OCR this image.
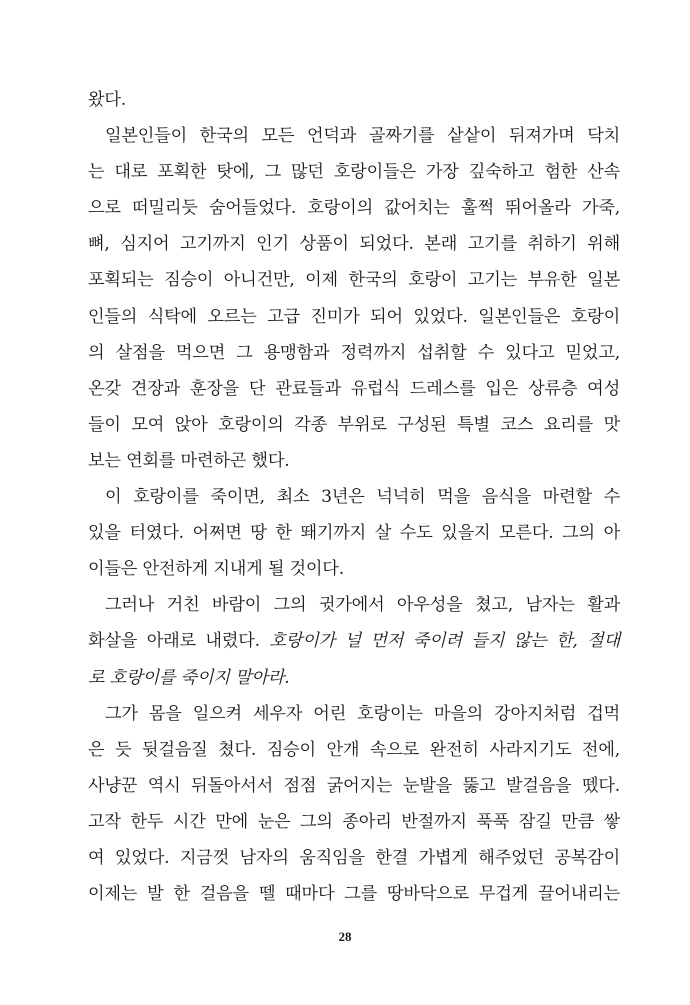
왔다.
일본인들이 한국의 모든 언덕과 골짜기를 샅샅이 뒤져가며 닥치
는 대로 포획한 탓에, 그 많던 호랑이들은 가장 깊숙하고 험한 산속
으로 떠밀리듯 숨어들었다. 호랑이의 값어치는 훌쩍 뛰어올라 가죽,
뼈, 심지어 고기까지 인기 상품이 되었다. 본래 고기를 취하기 위해
포획되는 짐승이 아니건만, 이제 한국의 호랑이 고기는 부유한 일본
인들의 식탁에 오르는 고급 진미가 되어 있었다. 일본인들은 호랑이
의 살점을 먹으면 그 용맹함과 정력까지 섭취할 수 있다고 믿었고,
온갖 견장과 훈장을 단 관료들과 유럽식 드레스를 입은 상류층 여성
들이 모여 앉아 호랑이의 각종 부위로 구성된 특별 코스 요리를 맛
보는 연회를 마련하곤 했다.
이 호랑이를 죽이면, 최소 3년은 넉넉히 먹을 음식을 마련할 수
있을 터였다. 어쩌면 땅 한 뙈기까지 살 수도 있을지 모른다. 그의 아
이들은 안전하게 지내게 될 것이다.
그러나 거친 바람이 그의 귓가에서 아우성을 쳤고, 남자는 활과
화살을 아래로 내렸다. 호랑이가 널 먼저 죽이려 들지 않는 한, 절대
로 호랑이를 죽이지 말아라.
그가 몸을 일으켜 세우자 어린 호랑이는 마을의 강아지처럼 겁먹
은 듯 뒷걸음질 쳤다. 짐승이 안개 속으로 완전히 사라지기도 전에,
사냥꾼 역시 뒤돌아서서 점점 굵어지는 눈발을 뚫고 발걸음을 뗐다.
고작 한두 시간 만에 눈은 그의 종아리 반절까지 푹푹 잠길 만큼 쌓
여 있었다. 지금껏 남자의 움직임을 한결 가볍게 해주었던 공복감이
이제는 발 한 걸음을 뗄 때마다 그를 땅바닥으로 무겁게 끌어내리는
28
